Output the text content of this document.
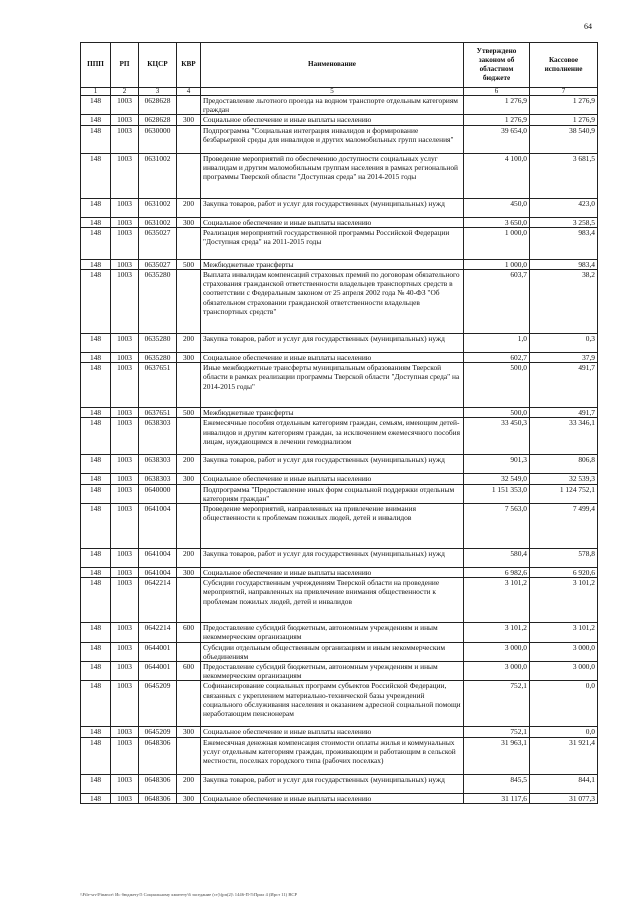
64
ППП	РП	КЦСР	КВР	Наименование	Утверждено законом об областном бюджете	Кассовое исполнение
1	2	3	4	5	6	7
148	1003	0628628		Предоставление льготного проезда на водном транспорте отдельным категориям граждан	1 276,9	1 276,9
148	1003	0628628	300	Социальное обеспечение и иные выплаты населению	1 276,9	1 276,9
148	1003	0630000		Подпрограмма "Социальная интеграция инвалидов и формирование безбарьерной среды для инвалидов и других маломобильных групп населения"	39 654,0	38 540,9
148	1003	0631002		Проведение мероприятий по обеспечению доступности социальных услуг инвалидам и другим маломобильным группам населения в рамках региональной программы Тверской области "Доступная среда" на 2014-2015 годы	4 100,0	3 681,5
148	1003	0631002	200	Закупка товаров, работ и услуг для государственных (муниципальных) нужд	450,0	423,0
148	1003	0631002	300	Социальное обеспечение и иные выплаты населению	3 650,0	3 258,5
148	1003	0635027		Реализация мероприятий государственной программы Российской Федерации "Доступная среда" на 2011-2015 годы	1 000,0	983,4
148	1003	0635027	500	Межбюджетные трансферты	1 000,0	983,4
148	1003	0635280		Выплата инвалидам компенсаций страховых премий по договорам обязательного страхования гражданской ответственности владельцев транспортных средств в соответствии с Федеральным законом от 25 апреля 2002 года № 40-ФЗ "Об обязательном страховании гражданской ответственности владельцев транспортных средств"	603,7	38,2
148	1003	0635280	200	Закупка товаров, работ и услуг для государственных (муниципальных) нужд	1,0	0,3
148	1003	0635280	300	Социальное обеспечение и иные выплаты населению	602,7	37,9
148	1003	0637651		Иные межбюджетные трансферты муниципальным образованиям Тверской области в рамках реализации программы Тверской области "Доступная среда" на 2014-2015 годы"	500,0	491,7
148	1003	0637651	500	Межбюджетные трансферты	500,0	491,7
148	1003	0638303		Ежемесячные пособия отдельным категориям граждан, семьям, имеющим детей-инвалидов и другим категориям граждан, за исключением ежемесячного пособия лицам, нуждающимся в лечении гемодиализом	33 450,3	33 346,1
148	1003	0638303	200	Закупка товаров, работ и услуг для государственных (муниципальных) нужд	901,3	806,8
148	1003	0638303	300	Социальное обеспечение и иные выплаты населению	32 549,0	32 539,3
148	1003	0640000		Подпрограмма "Предоставление иных форм социальной поддержки отдельным категориям граждан"	1 151 353,0	1 124 752,1
148	1003	0641004		Проведение мероприятий, направленных на привлечение внимания общественности к проблемам пожилых людей, детей и инвалидов	7 563,0	7 499,4
148	1003	0641004	200	Закупка товаров, работ и услуг для государственных (муниципальных) нужд	580,4	578,8
148	1003	0641004	300	Социальное обеспечение и иные выплаты населению	6 982,6	6 920,6
148	1003	0642214		Субсидии государственным учреждениям Тверской области на проведение мероприятий, направленных на привлечение внимания общественности к проблемам пожилых людей, детей и инвалидов	3 101,2	3 101,2
148	1003	0642214	600	Предоставление субсидий бюджетным, автономным учреждениям и иным некоммерческим организациям	3 101,2	3 101,2
148	1003	0644001		Субсидии отдельным общественным организациям и иным некоммерческим объединениям	3 000,0	3 000,0
148	1003	0644001	600	Предоставление субсидий бюджетным, автономным учреждениям и иным некоммерческим организациям	3 000,0	3 000,0
148	1003	0645209		Софинансирование социальных программ субъектов Российской Федерации, связанных с укреплением материально-технической базы учреждений социального обслуживания населения и оказанием адресной социальной помощи неработающим пенсионерам	752,1	0,0
148	1003	0645209	300	Социальное обеспечение и иные выплаты населению	752,1	0,0
148	1003	0648306		Ежемесячная денежная компенсация стоимости оплаты жилья и коммунальных услуг отдельным категориям граждан, проживающим и работающим в сельской местности, поселках городского типа (рабочих поселках)	31 963,1	31 921,4
148	1003	0648306	200	Закупка товаров, работ и услуг для государственных (муниципальных) нужд	845,5	844,1
148	1003	0648306	300	Социальное обеспечение и иные выплаты населению	31 117,6	31 077,3
\\File-srv\Finance\ Ис бюджету\5 Социальному кмитету\6 заседание (ст)\(рп(2)\ 1446-П-5\Прил 4 (Ирст 11) ВСР
